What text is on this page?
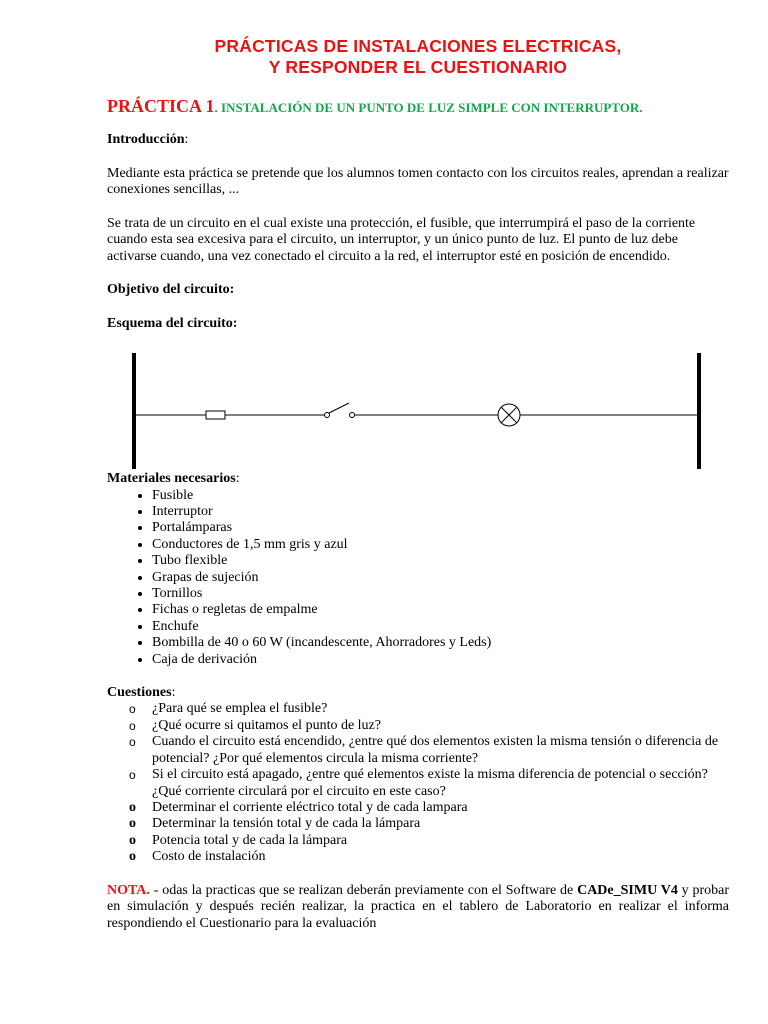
PRÁCTICAS DE INSTALACIONES ELECTRICAS,
Y RESPONDER EL CUESTIONARIO
PRÁCTICA 1. INSTALACIÓN DE UN PUNTO DE LUZ SIMPLE CON INTERRUPTOR.

Introducción:

Mediante esta práctica se pretende que los alumnos tomen contacto con los circuitos reales, aprendan a realizar conexiones sencillas, ...

Se trata de un circuito en el cual existe una protección, el fusible, que interrumpirá el paso de la corriente cuando esta sea excesiva para el circuito, un interruptor, y un único punto de luz. El punto de luz debe activarse cuando, una vez conectado el circuito a la red, el interruptor esté en posición de encendido.

Objetivo del circuito:

Esquema del circuito:

Materiales necesarios:

• Fusible
• Interruptor
• Portalámparas
• Conductores de 1,5 mm gris y azul
• Tubo flexible
• Grapas de sujeción
• Tornillos
• Fichas o regletas de empalme
• Enchufe
• Bombilla de 40 o 60 W (incandescente, Ahorradores y Leds)
• Caja de derivación

Cuestiones:

o ¿Para qué se emplea el fusible?
o ¿Qué ocurre si quitamos el punto de luz?
o Cuando el circuito está encendido, ¿entre qué dos elementos existen la misma tensión o diferencia de potencial? ¿Por qué elementos circula la misma corriente?
o Si el circuito está apagado, ¿entre qué elementos existe la misma diferencia de potencial o sección? ¿Qué corriente circulará por el circuito en este caso?
o Determinar el corriente eléctrico total y de cada lampara
o Determinar la tensión total y de cada la lámpara
o Potencia total y de cada la lámpara
o Costo de instalación

NOTA. - odas la practicas que se realizan deberán previamente con el Software de CADe_SIMU V4 y probar en simulación y después recién realizar, la practica en el tablero de Laboratorio en realizar el informa respondiendo el Cuestionario para la evaluación
